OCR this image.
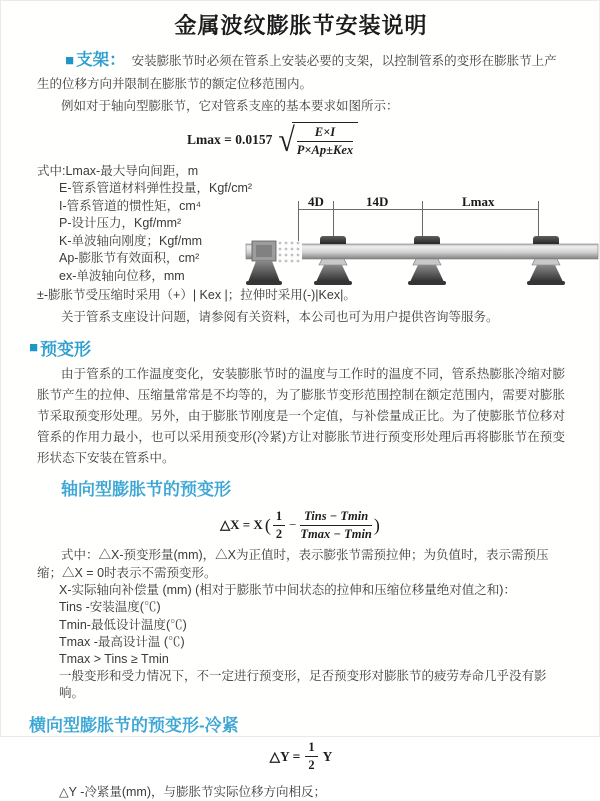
金属波纹膨胀节安装说明

■ 支架： 安装膨胀节时必须在管系上安装必要的支架，以控制管系的变形在膨胀节上产生的位移方向并限制在膨胀节的额定位移范围内。

例如对于轴向型膨胀节，它对管系支座的基本要求如图所示：

Lmax = 0.0157 √	E×I
P×Ap±Kex

式中:Lmax-最大导向间距，m

E-管系管道材料弹性投量，Kgf/cm²

I-管系管道的惯性矩，cm⁴

P-设计压力，Kgf/mm²

K-单波轴向刚度；Kgf/mm

Ap-膨胀节有效面积，cm²

ex-单波轴向位移，mm

4D	14D	Lmax

±-膨胀节受压缩时采用（+）| Kex |；拉伸时采用(-)|Kex|。

关于管系支座设计问题，请参阅有关资料，本公司也可为用户提供咨询等服务。

■ 预变形

由于管系的工作温度变化，安装膨胀节时的温度与工作时的温度不同，管系热膨胀冷缩对膨胀节产生的拉伸、压缩量常常是不均等的，为了膨胀节变形范围控制在额定范围内，需要对膨胀节采取预变形处理。另外，由于膨胀节刚度是一个定值，与补偿量成正比。为了使膨胀节位移对管系的作用力最小，也可以采用预变形(冷紧)方让对膨胀节进行预变形处理后再将膨胀节在预变形状态下安装在管系中。

轴向型膨胀节的预变形
△X = X ( $\frac{1}{2}$ −
Tins − Tmin
Tmax − Tmin )

式中：△X-预变形量(mm)，△X为正值时，表示膨张节需预拉伸；为负值时，表示需预压缩；△X = 0时表示不需预变形。

X-实际轴向补偿量 (mm) (相对于膨胀节中间状态的拉伸和压缩位移量绝对值之和)：

Tins -安装温度(℃)

Tmin-最低设计温度(℃)

Tmax -最高设计温 (℃)

Tmax > Tins ≥ Tmin

一般变形和受力情况下，不一定进行预变形，足否预变形对膨胀节的疲劳寿命几乎没有影响。

横向型膨胀节的预变形-冷紧
△Y = $\frac{1}{2}$ Y

△Y -冷紧量(mm)，与膨胀节实际位移方向相反；
